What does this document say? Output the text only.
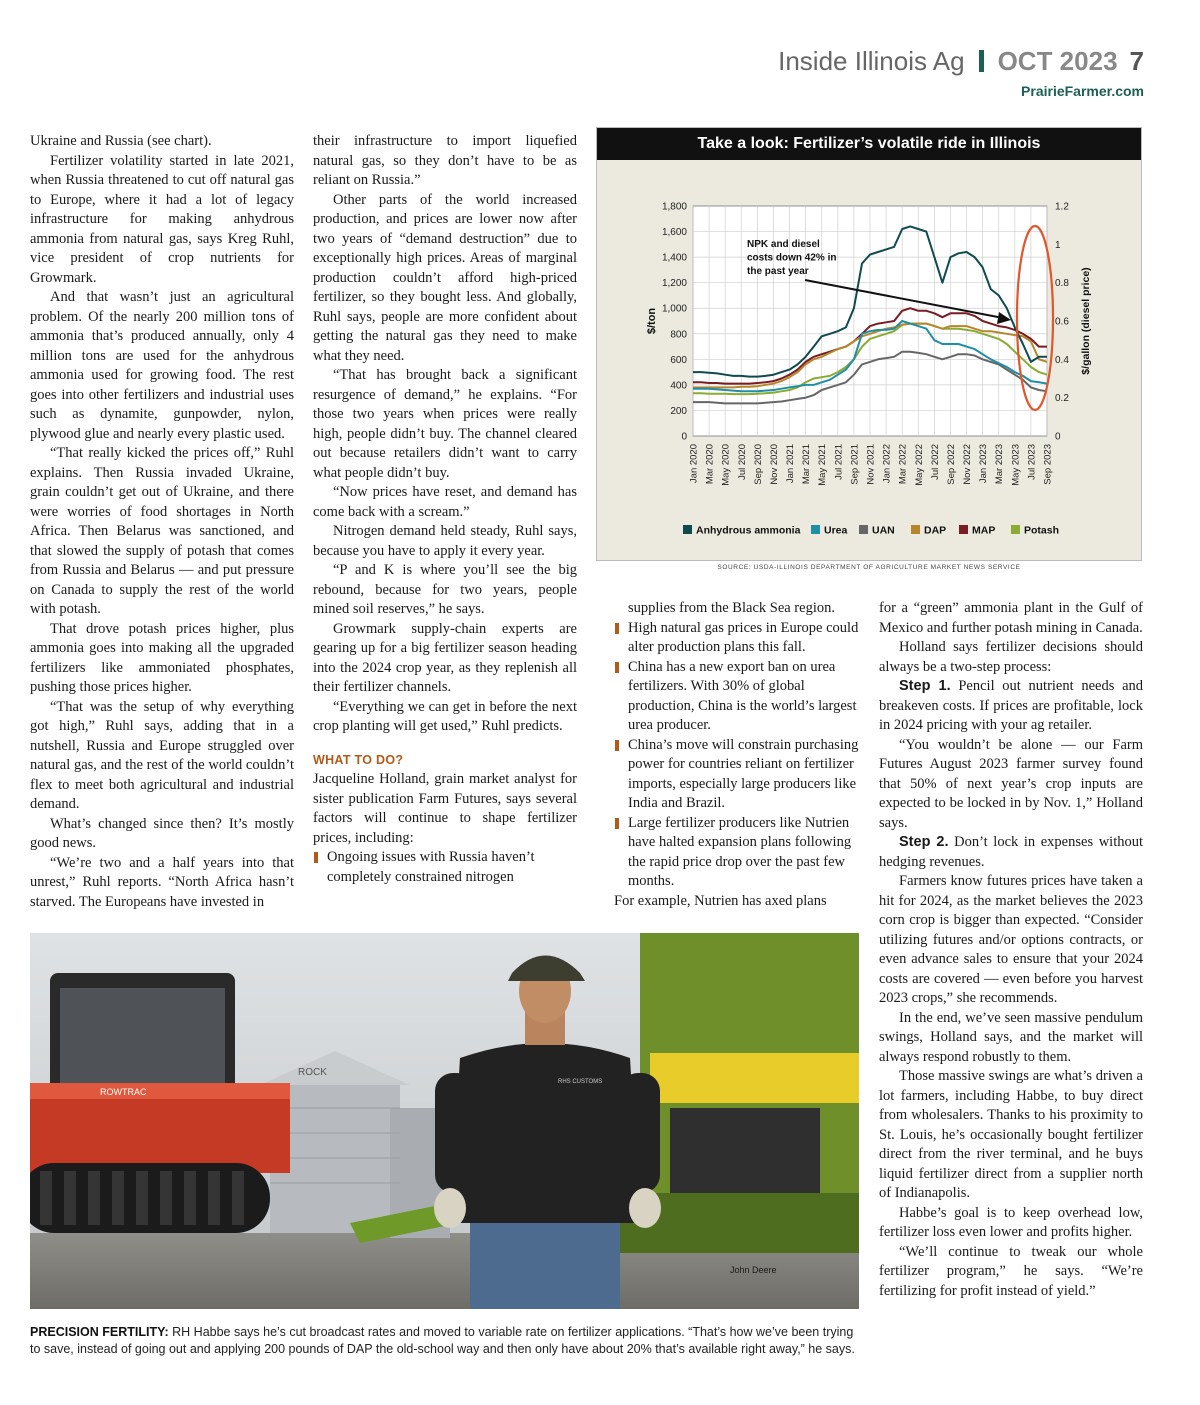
Inside Illinois Ag OCT 2023 7
PrairieFarmer.com

Ukraine and Russia (see chart).

Fertilizer volatility started in late 2021, when Russia threatened to cut off natural gas to Europe, where it had a lot of legacy infrastructure for making anhydrous ammonia from natural gas, says Kreg Ruhl, vice president of crop nutrients for Growmark.

And that wasn’t just an agricultural problem. Of the nearly 200 million tons of ammonia that’s produced annually, only 4 million tons are used for the anhydrous ammonia used for growing food. The rest goes into other fertilizers and industrial uses such as dynamite, gunpowder, nylon, plywood glue and nearly every plastic used.

“That really kicked the prices off,” Ruhl explains. Then Russia invaded Ukraine, grain couldn’t get out of Ukraine, and there were worries of food shortages in North Africa. Then Belarus was sanctioned, and that slowed the supply of potash that comes from Russia and Belarus — and put pressure on Canada to supply the rest of the world with potash.

That drove potash prices higher, plus ammonia goes into making all the upgraded fertilizers like ammoniated phosphates, pushing those prices higher.

“That was the setup of why everything got high,” Ruhl says, adding that in a nutshell, Russia and Europe struggled over natural gas, and the rest of the world couldn’t flex to meet both agricultural and industrial demand.

What’s changed since then? It’s mostly good news.

“We’re two and a half years into that unrest,” Ruhl reports. “North Africa hasn’t starved. The Europeans have invested in

their infrastructure to import liquefied natural gas, so they don’t have to be as reliant on Russia.”

Other parts of the world increased production, and prices are lower now after two years of “demand destruction” due to exceptionally high prices. Areas of marginal production couldn’t afford high-priced fertilizer, so they bought less. And globally, Ruhl says, people are more confident about getting the natural gas they need to make what they need.

“That has brought back a significant resurgence of demand,” he explains. “For those two years when prices were really high, people didn’t buy. The channel cleared out because retailers didn’t want to carry what people didn’t buy.

“Now prices have reset, and demand has come back with a scream.”

Nitrogen demand held steady, Ruhl says, because you have to apply it every year.

“P and K is where you’ll see the big rebound, because for two years, people mined soil reserves,” he says.

Growmark supply-chain experts are gearing up for a big fertilizer season heading into the 2024 crop year, as they replenish all their fertilizer channels.

“Everything we can get in before the next crop planting will get used,” Ruhl predicts.

WHAT TO DO?

Jacqueline Holland, grain market analyst for sister publication Farm Futures, says several factors will continue to shape fertilizer prices, including:

Ongoing issues with Russia haven’t completely constrained nitrogen
supplies from the Black Sea region.
High natural gas prices in Europe could alter production plans this fall.
China has a new export ban on urea fertilizers. With 30% of global production, China is the world’s largest urea producer.
China’s move will constrain purchasing power for countries reliant on fertilizer imports, especially large producers like India and Brazil.
Large fertilizer producers like Nutrien have halted expansion plans following the rapid price drop over the past few months.

For example, Nutrien has axed plans

for a “green” ammonia plant in the Gulf of Mexico and further potash mining in Canada.

Holland says fertilizer decisions should always be a two-step process:

Step 1. Pencil out nutrient needs and breakeven costs. If prices are profitable, lock in 2024 pricing with your ag retailer.

“You wouldn’t be alone — our Farm Futures August 2023 farmer survey found that 50% of next year’s crop inputs are expected to be locked in by Nov. 1,” Holland says.

Step 2. Don’t lock in expenses without hedging revenues.

Farmers know futures prices have taken a hit for 2024, as the market believes the 2023 corn crop is bigger than expected. “Consider utilizing futures and/or options contracts, or even advance sales to ensure that your 2024 costs are covered — even before you harvest 2023 crops,” she recommends.

In the end, we’ve seen massive pendulum swings, Holland says, and the market will always respond robustly to them.

Those massive swings are what’s driven a lot farmers, including Habbe, to buy direct from wholesalers. Thanks to his proximity to St. Louis, he’s occasionally bought fertilizer direct from the river terminal, and he buys liquid fertilizer direct from a supplier north of Indianapolis.

Habbe’s goal is to keep overhead low, fertilizer loss even lower and profits higher.

“We’ll continue to tweak our whole fertilizer program,” he says. “We’re fertilizing for profit instead of yield.”

Take a look: Fertilizer’s volatile ride in Illinois
0
200
400
600
800
1,000
1,200
1,400
1,600
1,800
0
0.2
0.4
0.6
0.8
1
1.2
Jan 2020 Mar 2020 May 2020 Jul 2020 Sep 2020 Nov 2020 Jan 2021 Mar 2021 May 2021 Jul 2021 Sep 2021 Nov 2021 Jan 2022 Mar 2022 May 2022 Jul 2022 Sep 2022 Nov 2022 Jan 2023 Mar 2023 May 2023 Jul 2023 Sep 2023
$/ton	$/gallon (diesel price)
NPK and diesel
costs down 42% in
the past year
Anhydrous ammonia Urea UAN	DAP MAP	Potash
SOURCE: USDA-ILLINOIS DEPARTMENT OF AGRICULTURE MARKET NEWS SERVICE
ROCK
ROWTRAC
John Deere
RHS CUSTOMS
PRECISION FERTILITY: RH Habbe says he’s cut broadcast rates and moved to variable rate on fertilizer applications. “That’s how we’ve been trying to save, instead of going out and applying 200 pounds of DAP the old-school way and then only have about 20% that’s available right away,” he says.
